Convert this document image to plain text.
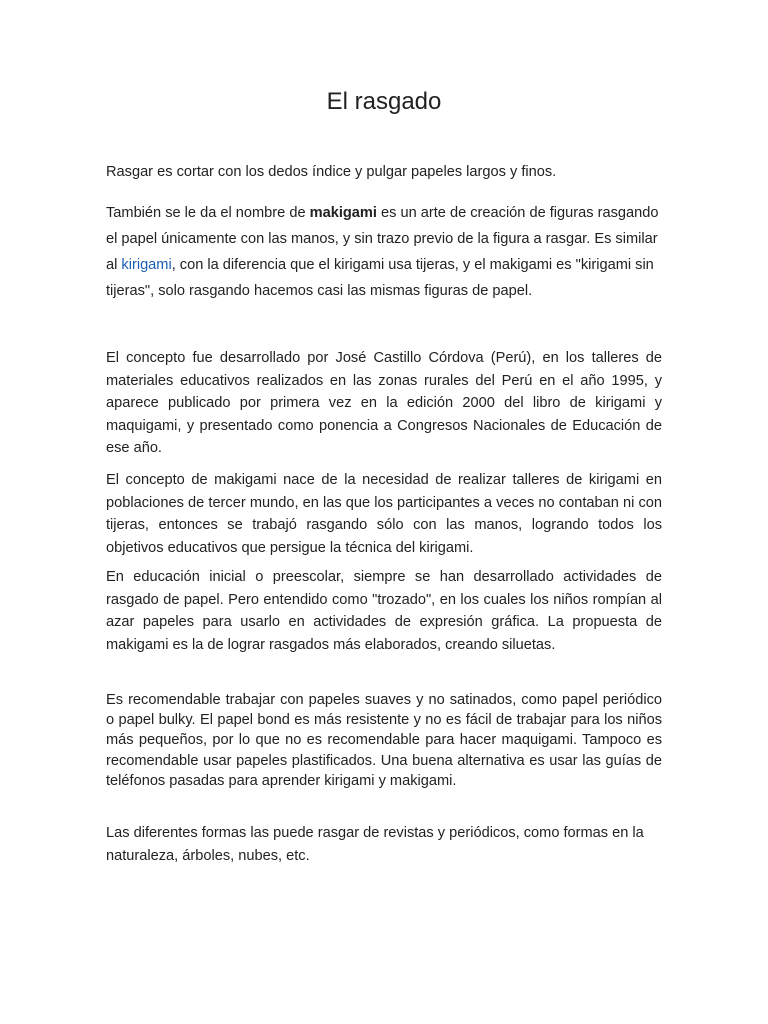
El rasgado

Rasgar es cortar con los dedos índice y pulgar papeles largos y finos.

También se le da el nombre de makigami es un arte de creación de figuras rasgando el papel únicamente con las manos, y sin trazo previo de la figura a rasgar. Es similar al kirigami, con la diferencia que el kirigami usa tijeras, y el makigami es "kirigami sin tijeras", solo rasgando hacemos casi las mismas figuras de papel.

El concepto fue desarrollado por José Castillo Córdova (Perú), en los talleres de materiales educativos realizados en las zonas rurales del Perú en el año 1995, y aparece publicado por primera vez en la edición 2000 del libro de kirigami y maquigami, y presentado como ponencia a Congresos Nacionales de Educación de ese año.

El concepto de makigami nace de la necesidad de realizar talleres de kirigami en poblaciones de tercer mundo, en las que los participantes a veces no contaban ni con tijeras, entonces se trabajó rasgando sólo con las manos, logrando todos los objetivos educativos que persigue la técnica del kirigami.

En educación inicial o preescolar, siempre se han desarrollado actividades de rasgado de papel. Pero entendido como "trozado", en los cuales los niños rompían al azar papeles para usarlo en actividades de expresión gráfica. La propuesta de makigami es la de lograr rasgados más elaborados, creando siluetas.

Es recomendable trabajar con papeles suaves y no satinados, como papel periódico o papel bulky. El papel bond es más resistente y no es fácil de trabajar para los niños más pequeños, por lo que no es recomendable para hacer maquigami. Tampoco es recomendable usar papeles plastificados. Una buena alternativa es usar las guías de teléfonos pasadas para aprender kirigami y makigami.

Las diferentes formas las puede rasgar de revistas y periódicos, como formas en la naturaleza, árboles, nubes, etc.
